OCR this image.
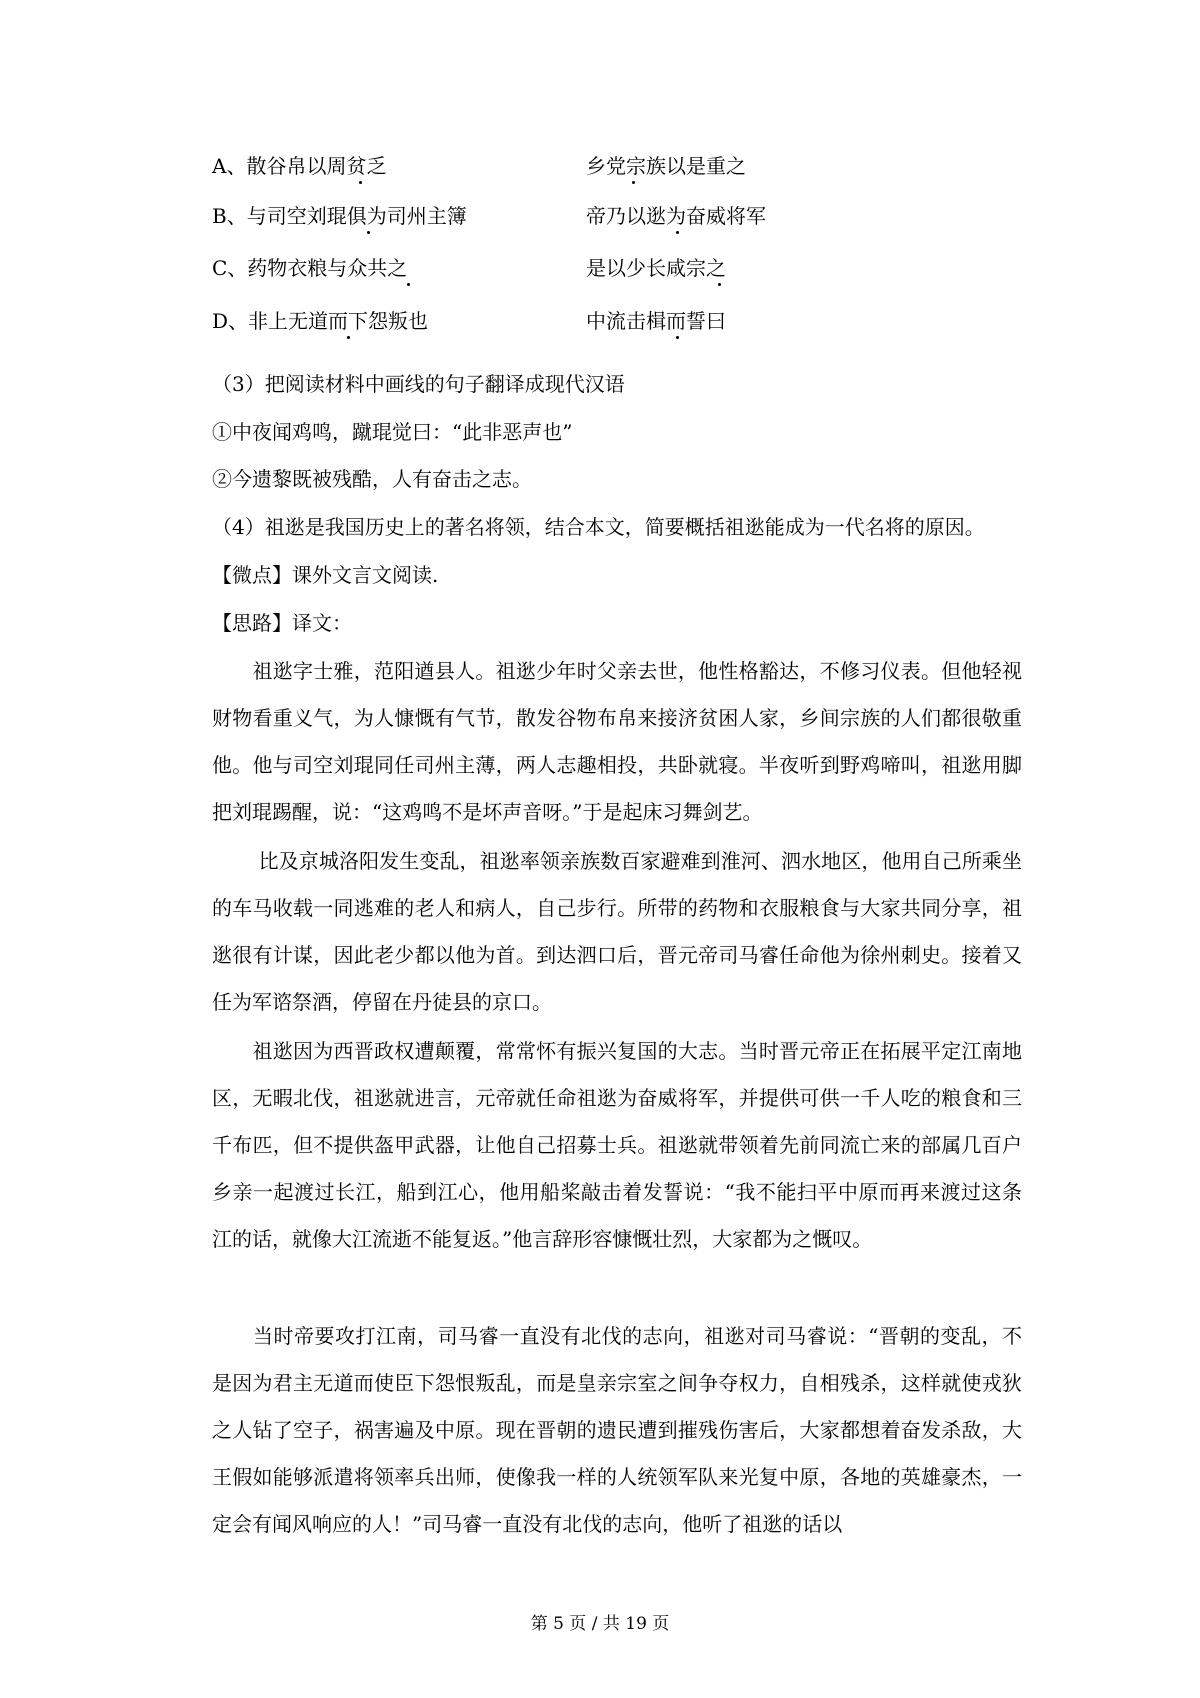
A、散谷帛以周贫乏	乡党宗族以是重之
B、与司空刘琨俱为司州主簿	帝乃以逖为奋威将军
C、药物衣粮与众共之	是以少长咸宗之
D、非上无道而下怨叛也	中流击楫而誓曰
（3）把阅读材料中画线的句子翻译成现代汉语
①中夜闻鸡鸣，蹴琨觉曰：“此非恶声也”
②今遗黎既被残酷，人有奋击之志。
（4）祖逖是我国历史上的著名将领，结合本文，简要概括祖逖能成为一代名将的原因。
【微点】课外文言文阅读.
【思路】译文：
　　祖逖字士雅，范阳遒县人。祖逖少年时父亲去世，他性格豁达，不修习仪表。但他轻视财物看重义气，为人慷慨有气节，散发谷物布帛来接济贫困人家，乡间宗族的人们都很敬重他。他与司空刘琨同任司州主薄，两人志趣相投，共卧就寝。半夜听到野鸡啼叫，祖逖用脚把刘琨踢醒，说：“这鸡鸣不是坏声音呀。”于是起床习舞剑艺。
　　 比及京城洛阳发生变乱，祖逖率领亲族数百家避难到淮河、泗水地区，他用自己所乘坐的车马收载一同逃难的老人和病人，自己步行。所带的药物和衣服粮食与大家共同分享，祖逖很有计谋，因此老少都以他为首。到达泗口后，晋元帝司马睿任命他为徐州刺史。接着又任为军谘祭酒，停留在丹徒县的京口。
　　祖逖因为西晋政权遭颠覆，常常怀有振兴复国的大志。当时晋元帝正在拓展平定江南地区，无暇北伐，祖逖就进言，元帝就任命祖逖为奋威将军，并提供可供一千人吃的粮食和三千布匹，但不提供盔甲武器，让他自己招募士兵。祖逖就带领着先前同流亡来的部属几百户乡亲一起渡过长江，船到江心，他用船桨敲击着发誓说：“我不能扫平中原而再来渡过这条江的话，就像大江流逝不能复返。”他言辞形容慷慨壮烈，大家都为之慨叹。
　　当时帝要攻打江南，司马睿一直没有北伐的志向，祖逖对司马睿说：“晋朝的变乱，不是因为君主无道而使臣下怨恨叛乱，而是皇亲宗室之间争夺权力，自相残杀，这样就使戎狄之人钻了空子，祸害遍及中原。现在晋朝的遗民遭到摧残伤害后，大家都想着奋发杀敌，大王假如能够派遣将领率兵出师，使像我一样的人统领军队来光复中原，各地的英雄豪杰，一定会有闻风响应的人！”司马睿一直没有北伐的志向，他听了祖逖的话以
第 5 页 / 共 19 页
